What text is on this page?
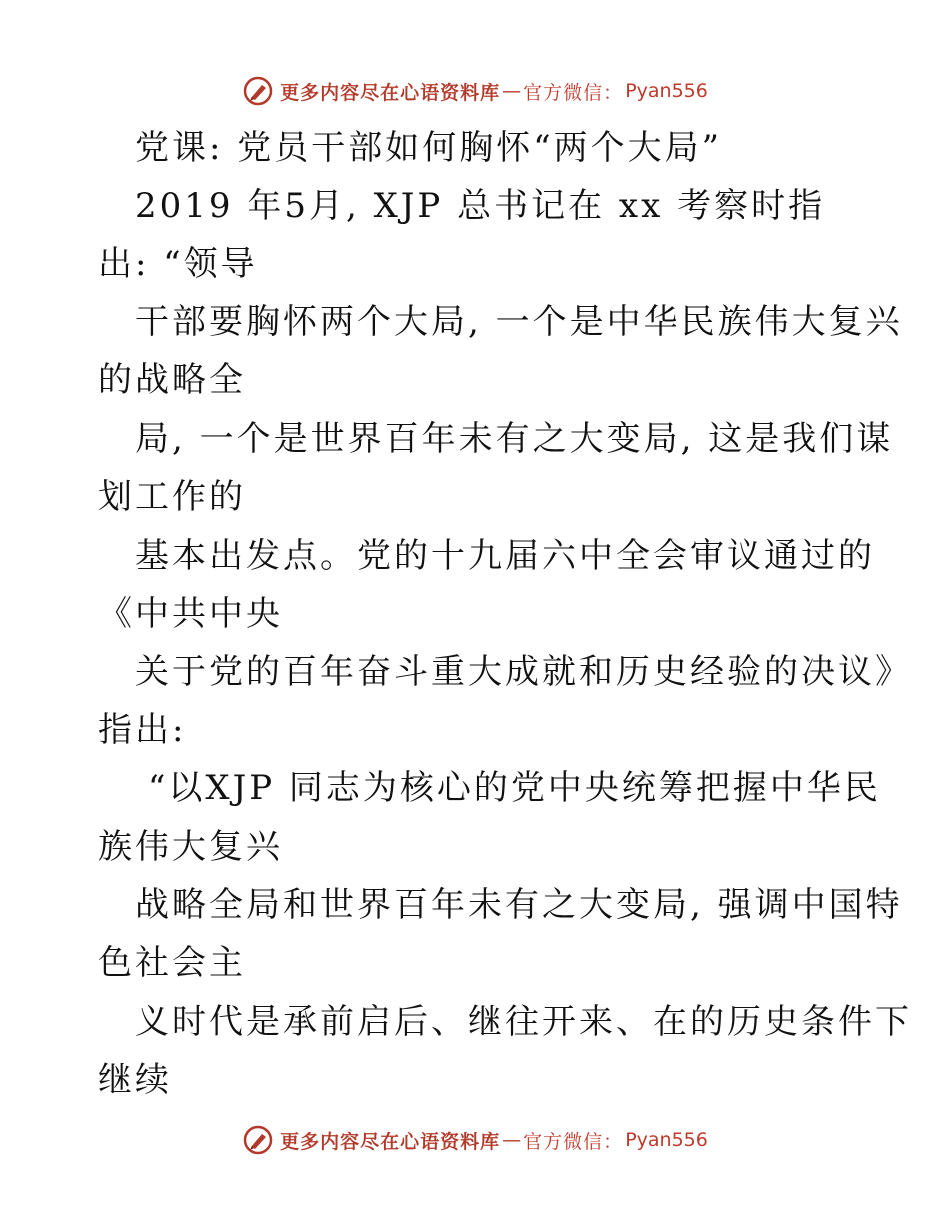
更多内容尽在心语资料库 — 官方微信： Pyan556
党课: 党员干部如何胸怀“两个大局”
2019 年5月, XJP 总书记在 xx 考察时指
出: “领导
干部要胸怀两个大局, 一个是中华民族伟大复兴
的战略全
局, 一个是世界百年未有之大变局, 这是我们谋
划工作的
基本出发点。党的十九届六中全会审议通过的
《中共中央
关于党的百年奋斗重大成就和历史经验的决议》
指出:
“以XJP 同志为核心的党中央统筹把握中华民
族伟大复兴
战略全局和世界百年未有之大变局, 强调中国特
色社会主
义时代是承前启后、继往开来、在的历史条件下
继续
更多内容尽在心语资料库 — 官方微信： Pyan556
